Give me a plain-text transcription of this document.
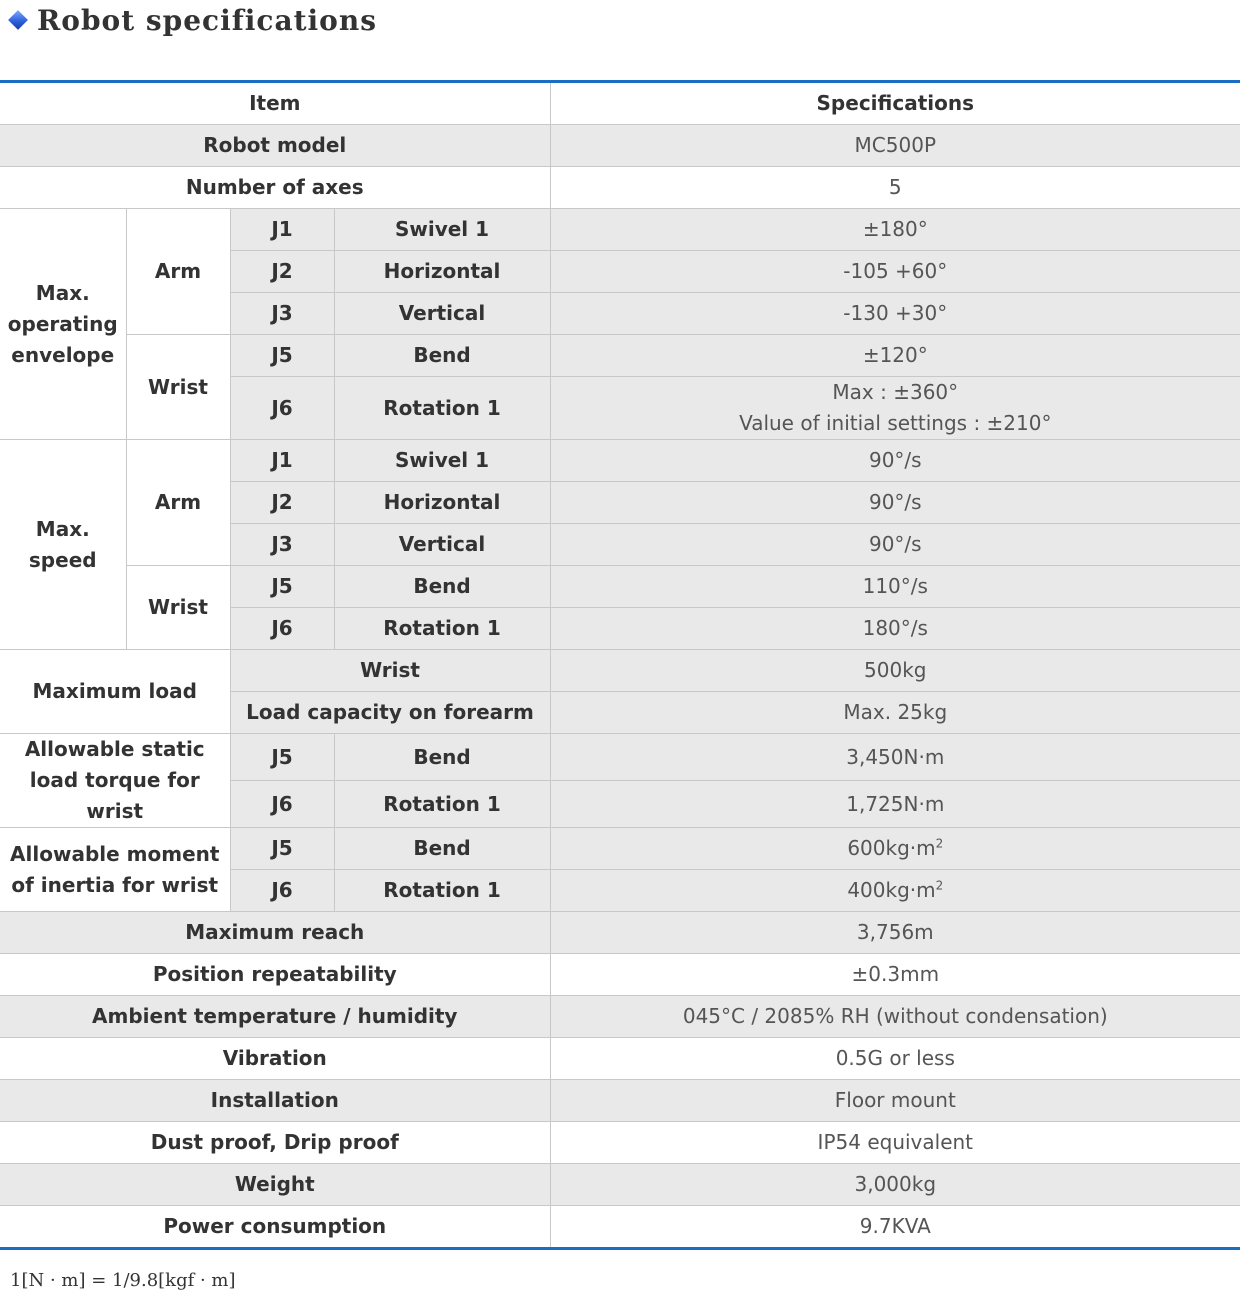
Robot specifications
Item				Specifications
Robot model				MC500P
Number of axes				5
Max. operating envelope	Arm	J1	Swivel 1	±180°
		J2	Horizontal	-105 +60°
		J3	Vertical	-130 +30°
	Wrist	J5	Bend	±120°
		J6	Rotation 1	Max : ±360°
Value of initial settings : ±210°

Max. speed	Arm	J1	Swivel 1	90°/s
		J2	Horizontal	90°/s
		J3	Vertical	90°/s
	Wrist	J5	Bend	110°/s
		J6	Rotation 1	180°/s
Maximum load		Wrist		500kg
		Load capacity on forearm		Max. 25kg
Allowable static load torque for wrist		J5	Bend	3,450N·m
		J6	Rotation 1	1,725N·m
Allowable moment of inertia for wrist		J5	Bend	$600kg\cdot m^2$
		J6	Rotation 1	$400kg\cdot m^2$
Maximum reach				3,756m
Position repeatability				±0.3mm
Ambient temperature / humidity				045°C / 2085% RH (without condensation)
Vibration				0.5G or less
Installation				Floor mount
Dust proof, Drip proof				IP54 equivalent
Weight				3,000kg
Power consumption				9.7KVA
1[N · m] = 1/9.8[kgf · m]
